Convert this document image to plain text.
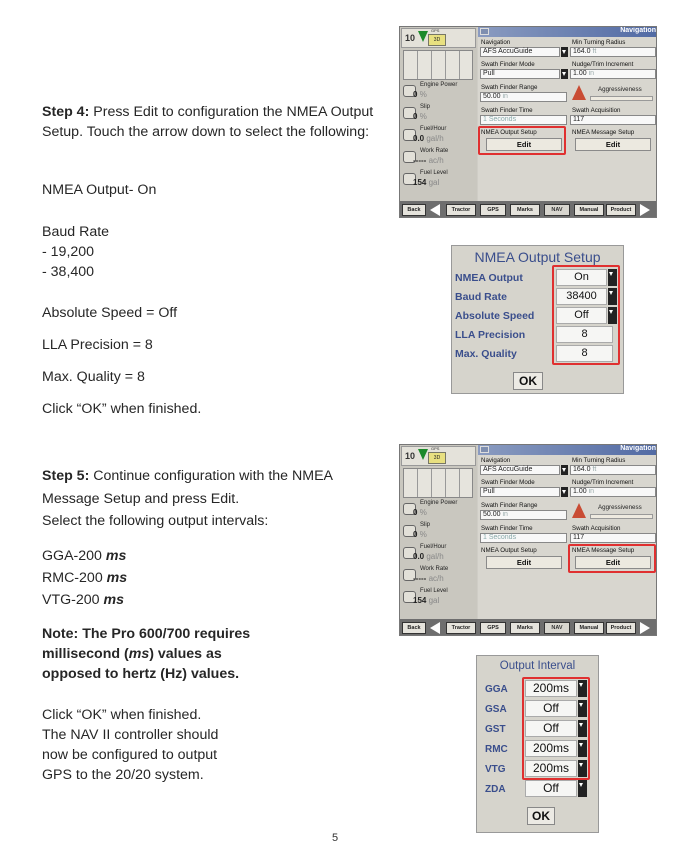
Step 4: Press Edit to configuration the NMEA Output Setup. Touch the arrow down to select the following:
NMEA Output- On
Baud Rate
- 19,200
- 38,400
Absolute Speed = Off
LLA Precision = 8
Max. Quality = 8
Click “OK” when finished.
Step 5: Continue configuration with the NMEA
Message Setup and press Edit.
Select the following output intervals:
GGA-200 ms
RMC-200 ms
VTG-200 ms
Note: The Pro 600/700 requires
millisecond (ms) values as
opposed to hertz (Hz) values.
Click “OK” when finished.
The NAV II controller should
now be configured to output
GPS to the 20/20 system.
5
10
GPS
3D
Engine Power
0 %
Slip
0 %
Fuel/Hour
0.0 gal/h
Work Rate
----- ac/h
Fuel Level
154 gal
Navigation
Navigation
AFS AccuGuide
Min Turning Radius
164.0 ft
Swath Finder Mode
Pull
Nudge/Trim Increment
1.00 in
Swath Finder Range
50.00 in
Aggressiveness
Swath Finder Time
1 Seconds
Swath Acquisition
117
NMEA Output Setup
Edit
NMEA Message Setup
Edit
Back	Tractor	GPS	Marks	NAV	Manual	Product
NMEA Output Setup
NMEA Output	On
Baud Rate	38400
Absolute Speed	Off
LLA Precision	8
Max. Quality	8
OK
10
GPS
3D
Engine Power
0 %
Slip
0 %
Fuel/Hour
0.0 gal/h
Work Rate
----- ac/h
Fuel Level
154 gal
Navigation
Navigation
AFS AccuGuide
Min Turning Radius
164.0 ft
Swath Finder Mode
Pull
Nudge/Trim Increment
1.00 in
Swath Finder Range
50.00 in
Aggressiveness
Swath Finder Time
1 Seconds
Swath Acquisition
117
NMEA Output Setup
Edit
NMEA Message Setup
Edit
Back	Tractor	GPS	Marks	NAV	Manual	Product
Output Interval
GGA	200ms
GSA	Off
GST	Off
RMC	200ms
VTG	200ms
ZDA	Off
OK
